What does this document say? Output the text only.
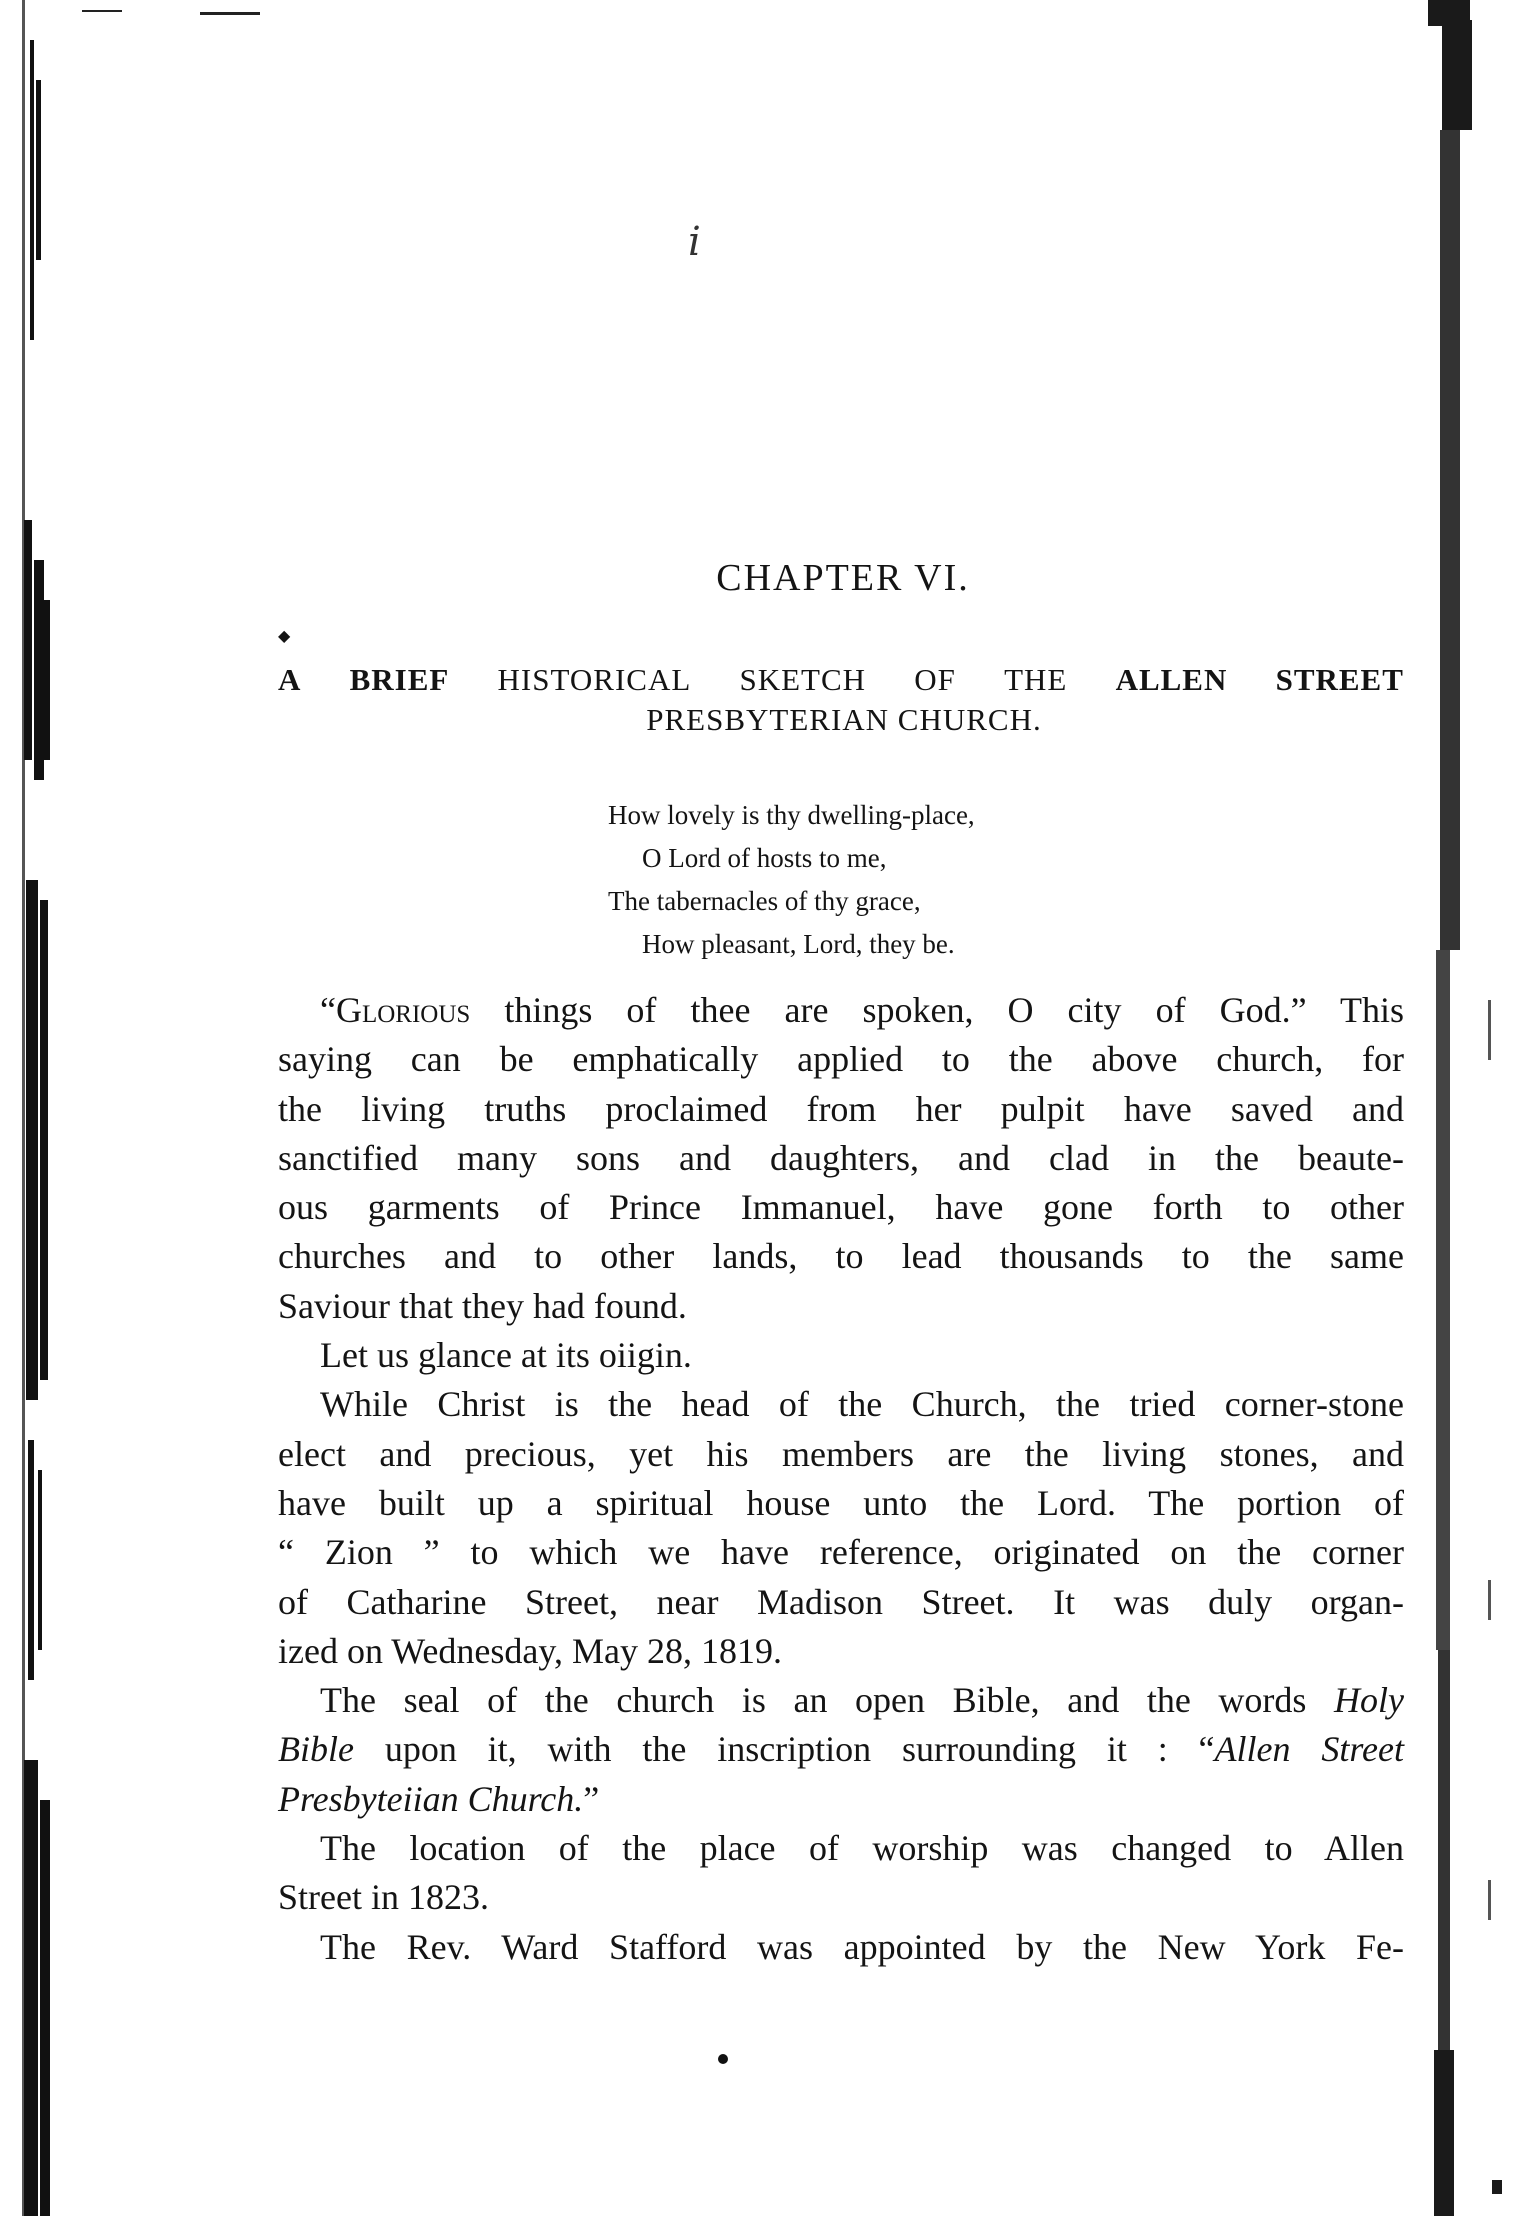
ⅰ
CHAPTER VI.
◆
A BRIEF HISTORICAL SKETCH OF THE ALLEN STREET
PRESBYTERIAN CHURCH.
How lovely is thy dwelling-place,
O Lord of hosts to me,
The tabernacles of thy grace,
How pleasant, Lord, they be.
“Glorious things of thee are spoken, O city of God.” This
saying can be emphatically applied to the above church, for
the living truths proclaimed from her pulpit have saved and
sanctified many sons and daughters, and clad in the beaute-
ous garments of Prince Immanuel, have gone forth to other
churches and to other lands, to lead thousands to the same
Saviour that they had found.
Let us glance at its oiigin.
While Christ is the head of the Church, the tried corner-stone
elect and precious, yet his members are the living stones, and
have built up a spiritual house unto the Lord. The portion of
“ Zion ” to which we have reference, originated on the corner
of Catharine Street, near Madison Street. It was duly organ-
ized on Wednesday, May 28, 1819.
The seal of the church is an open Bible, and the words Holy
Bible upon it, with the inscription surrounding it : “Allen Street
Presbyteiian Church.”
The location of the place of worship was changed to Allen
Street in 1823.
The Rev. Ward Stafford was appointed by the New York Fe-
